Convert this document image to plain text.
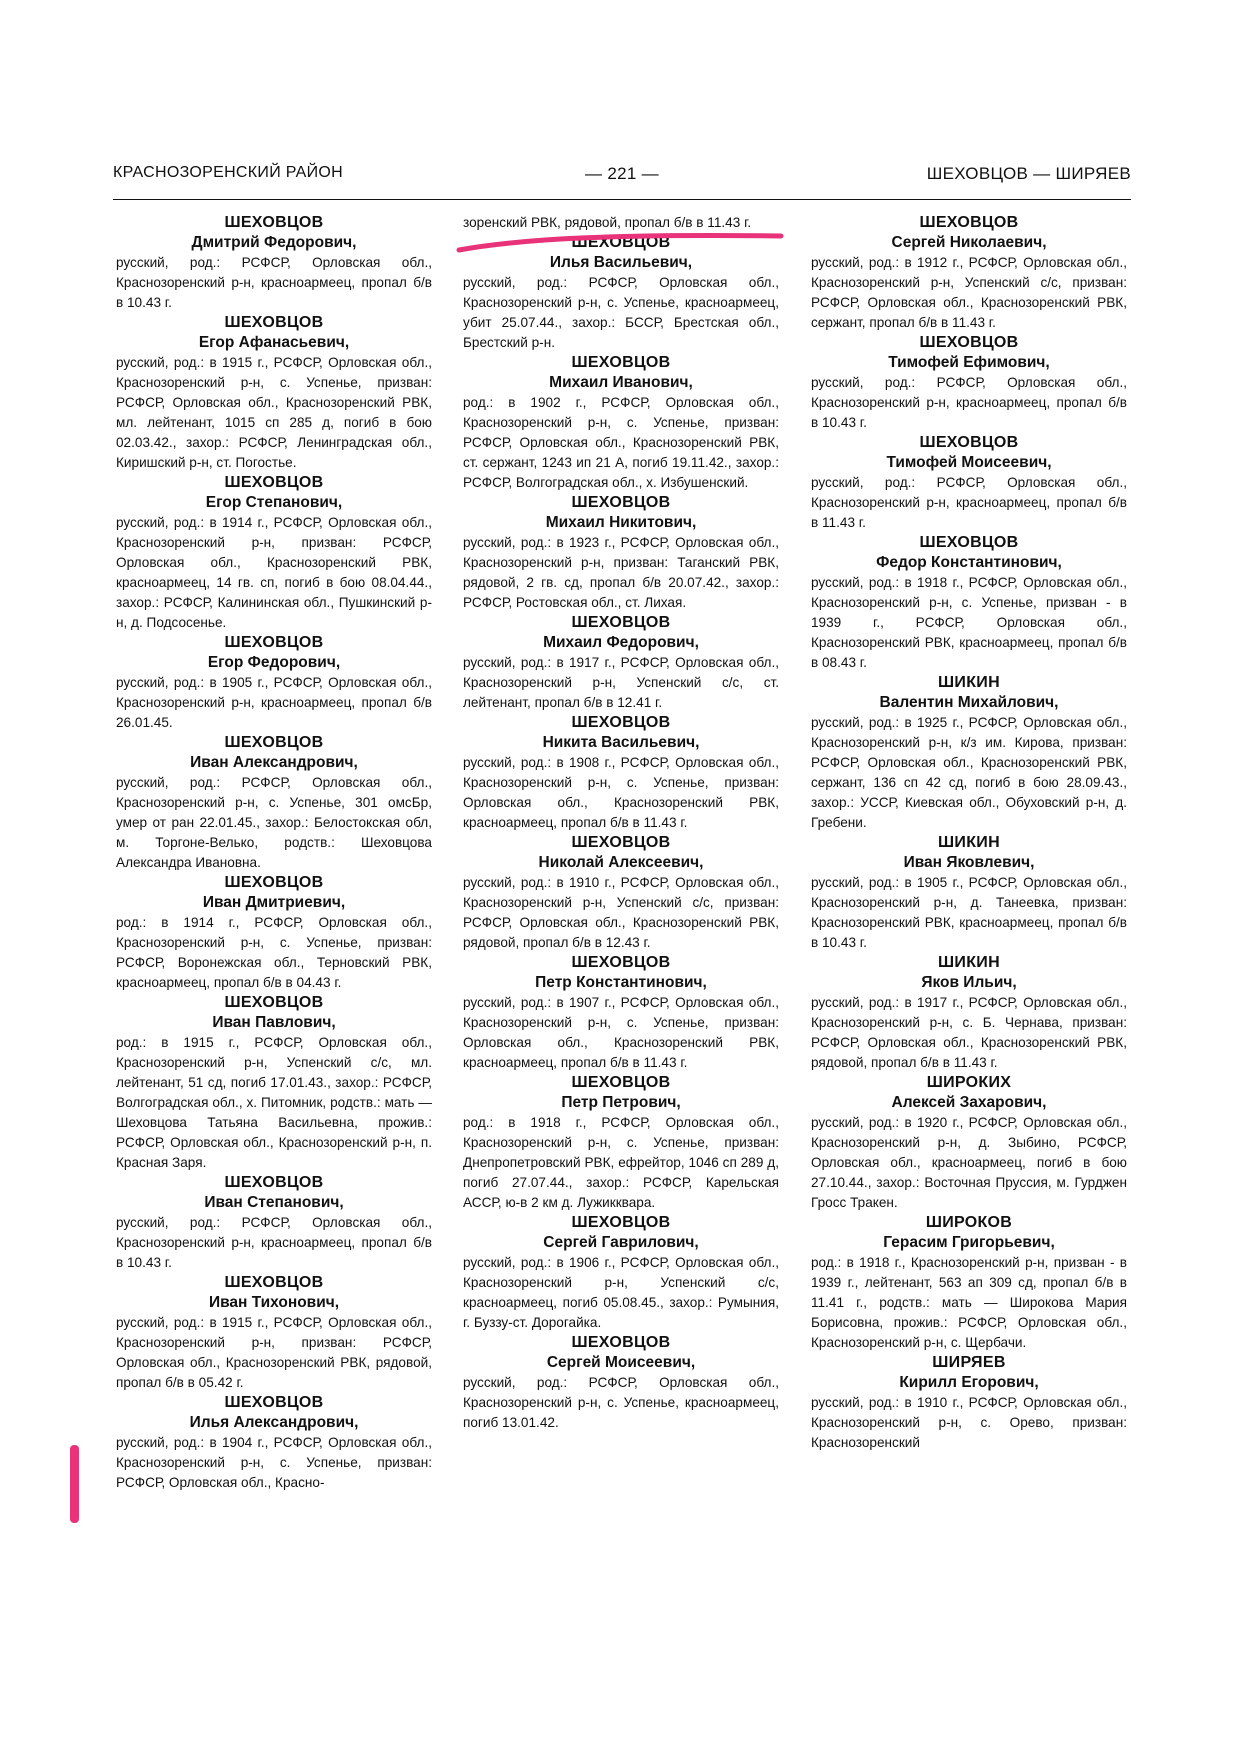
КРАСНОЗОРЕНСКИЙ РАЙОН	— 221 —	ШЕХОВЦОВ — ШИРЯЕВ
ШЕХОВЦОВ
Дмитрий Федорович,
русский, род.: РСФСР, Орловская обл., Краснозоренский р-н, красноармеец, пропал б/в в 10.43 г.
ШЕХОВЦОВ
Егор Афанасьевич,
русский, род.: в 1915 г., РСФСР, Орловская обл., Краснозоренский р-н, с. Успенье, призван: РСФСР, Орловская обл., Краснозоренский РВК, мл. лейтенант, 1015 сп 285 д, погиб в бою 02.03.42., захор.: РСФСР, Ленинградская обл., Киришский р-н, ст. Погостье.
ШЕХОВЦОВ
Егор Степанович,
русский, род.: в 1914 г., РСФСР, Орловская обл., Краснозоренский р-н, призван: РСФСР, Орловская обл., Краснозоренский РВК, красноармеец, 14 гв. сп, погиб в бою 08.04.44., захор.: РСФСР, Калининская обл., Пушкинский р-н, д. Подсосенье.
ШЕХОВЦОВ
Егор Федорович,
русский, род.: в 1905 г., РСФСР, Орловская обл., Краснозоренский р-н, красноармеец, пропал б/в 26.01.45.
ШЕХОВЦОВ
Иван Александрович,
русский, род.: РСФСР, Орловская обл., Краснозоренский р-н, с. Успенье, 301 омсБр, умер от ран 22.01.45., захор.: Белостокская обл, м. Торгоне-Велько, родств.: Шеховцова Александра Ивановна.
ШЕХОВЦОВ
Иван Дмитриевич,
род.: в 1914 г., РСФСР, Орловская обл., Краснозоренский р-н, с. Успенье, призван: РСФСР, Воронежская обл., Терновский РВК, красноармеец, пропал б/в в 04.43 г.
ШЕХОВЦОВ
Иван Павлович,
род.: в 1915 г., РСФСР, Орловская обл., Краснозоренский р-н, Успенский с/с, мл. лейтенант, 51 сд, погиб 17.01.43., захор.: РСФСР, Волгоградская обл., х. Питомник, родств.: мать — Шеховцова Татьяна Васильевна, прожив.: РСФСР, Орловская обл., Краснозоренский р-н, п. Красная Заря.
ШЕХОВЦОВ
Иван Степанович,
русский, род.: РСФСР, Орловская обл., Краснозоренский р-н, красноармеец, пропал б/в в 10.43 г.
ШЕХОВЦОВ
Иван Тихонович,
русский, род.: в 1915 г., РСФСР, Орловская обл., Краснозоренский р-н, призван: РСФСР, Орловская обл., Краснозоренский РВК, рядовой, пропал б/в в 05.42 г.
ШЕХОВЦОВ
Илья Александрович,
русский, род.: в 1904 г., РСФСР, Орловская обл., Краснозоренский р-н, с. Успенье, призван: РСФСР, Орловская обл., Красно-
зоренский РВК, рядовой, пропал б/в в 11.43 г.
ШЕХОВЦОВ
Илья Васильевич,
русский, род.: РСФСР, Орловская обл., Краснозоренский р-н, с. Успенье, красноармеец, убит 25.07.44., захор.: БССР, Брестская обл., Брестский р-н.
ШЕХОВЦОВ
Михаил Иванович,
род.: в 1902 г., РСФСР, Орловская обл., Краснозоренский р-н, с. Успенье, призван: РСФСР, Орловская обл., Краснозоренский РВК, ст. сержант, 1243 ип 21 А, погиб 19.11.42., захор.: РСФСР, Волгоградская обл., х. Избушенский.
ШЕХОВЦОВ
Михаил Никитович,
русский, род.: в 1923 г., РСФСР, Орловская обл., Краснозоренский р-н, призван: Таганский РВК, рядовой, 2 гв. сд, пропал б/в 20.07.42., захор.: РСФСР, Ростовская обл., ст. Лихая.
ШЕХОВЦОВ
Михаил Федорович,
русский, род.: в 1917 г., РСФСР, Орловская обл., Краснозоренский р-н, Успенский с/с, ст. лейтенант, пропал б/в в 12.41 г.
ШЕХОВЦОВ
Никита Васильевич,
русский, род.: в 1908 г., РСФСР, Орловская обл., Краснозоренский р-н, с. Успенье, призван: Орловская обл., Краснозоренский РВК, красноармеец, пропал б/в в 11.43 г.
ШЕХОВЦОВ
Николай Алексеевич,
русский, род.: в 1910 г., РСФСР, Орловская обл., Краснозоренский р-н, Успенский с/с, призван: РСФСР, Орловская обл., Краснозоренский РВК, рядовой, пропал б/в в 12.43 г.
ШЕХОВЦОВ
Петр Константинович,
русский, род.: в 1907 г., РСФСР, Орловская обл., Краснозоренский р-н, с. Успенье, призван: Орловская обл., Краснозоренский РВК, красноармеец, пропал б/в в 11.43 г.
ШЕХОВЦОВ
Петр Петрович,
род.: в 1918 г., РСФСР, Орловская обл., Краснозоренский р-н, с. Успенье, призван: Днепропетровский РВК, ефрейтор, 1046 сп 289 д, погиб 27.07.44., захор.: РСФСР, Карельская АССР, ю-в 2 км д. Лужиккваpа.
ШЕХОВЦОВ
Сергей Гаврилович,
русский, род.: в 1906 г., РСФСР, Орловская обл., Краснозоренский р-н, Успенский с/с, красноармеец, погиб 05.08.45., захор.: Румыния, г. Буззу-ст. Дорогайка.
ШЕХОВЦОВ
Сергей Моисеевич,
русский, род.: РСФСР, Орловская обл., Краснозоренский р-н, с. Успенье, красноармеец, погиб 13.01.42.
ШЕХОВЦОВ
Сергей Николаевич,
русский, род.: в 1912 г., РСФСР, Орловская обл., Краснозоренский р-н, Успенский с/с, призван: РСФСР, Орловская обл., Краснозоренский РВК, сержант, пропал б/в в 11.43 г.
ШЕХОВЦОВ
Тимофей Ефимович,
русский, род.: РСФСР, Орловская обл., Краснозоренский р-н, красноармеец, пропал б/в в 10.43 г.
ШЕХОВЦОВ
Тимофей Моисеевич,
русский, род.: РСФСР, Орловская обл., Краснозоренский р-н, красноармеец, пропал б/в в 11.43 г.
ШЕХОВЦОВ
Федор Константинович,
русский, род.: в 1918 г., РСФСР, Орловская обл., Краснозоренский р-н, с. Успенье, призван - в 1939 г., РСФСР, Орловская обл., Краснозоренский РВК, красноармеец, пропал б/в в 08.43 г.
ШИКИН
Валентин Михайлович,
русский, род.: в 1925 г., РСФСР, Орловская обл., Краснозоренский р-н, к/з им. Кирова, призван: РСФСР, Орловская обл., Краснозоренский РВК, сержант, 136 сп 42 сд, погиб в бою 28.09.43., захор.: УССР, Киевская обл., Обуховский р-н, д. Гребени.
ШИКИН
Иван Яковлевич,
русский, род.: в 1905 г., РСФСР, Орловская обл., Краснозоренский р-н, д. Танеевка, призван: Краснозоренский РВК, красноармеец, пропал б/в в 10.43 г.
ШИКИН
Яков Ильич,
русский, род.: в 1917 г., РСФСР, Орловская обл., Краснозоренский р-н, с. Б. Чернава, призван: РСФСР, Орловская обл., Краснозоренский РВК, рядовой, пропал б/в в 11.43 г.
ШИРОКИХ
Алексей Захарович,
русский, род.: в 1920 г., РСФСР, Орловская обл., Краснозоренский р-н, д. Зыбино, РСФСР, Орловская обл., красноармеец, погиб в бою 27.10.44., захор.: Восточная Пруссия, м. Гурджен Гросс Тракен.
ШИРОКОВ
Герасим Григорьевич,
род.: в 1918 г., Краснозоренский р-н, призван - в 1939 г., лейтенант, 563 ап 309 сд, пропал б/в в 11.41 г., родств.: мать — Широкова Мария Борисовна, прожив.: РСФСР, Орловская обл., Краснозоренский р-н, с. Щербачи.
ШИРЯЕВ
Кирилл Егорович,
русский, род.: в 1910 г., РСФСР, Орловская обл., Краснозоренский р-н, с. Орево, призван: Краснозоренский
